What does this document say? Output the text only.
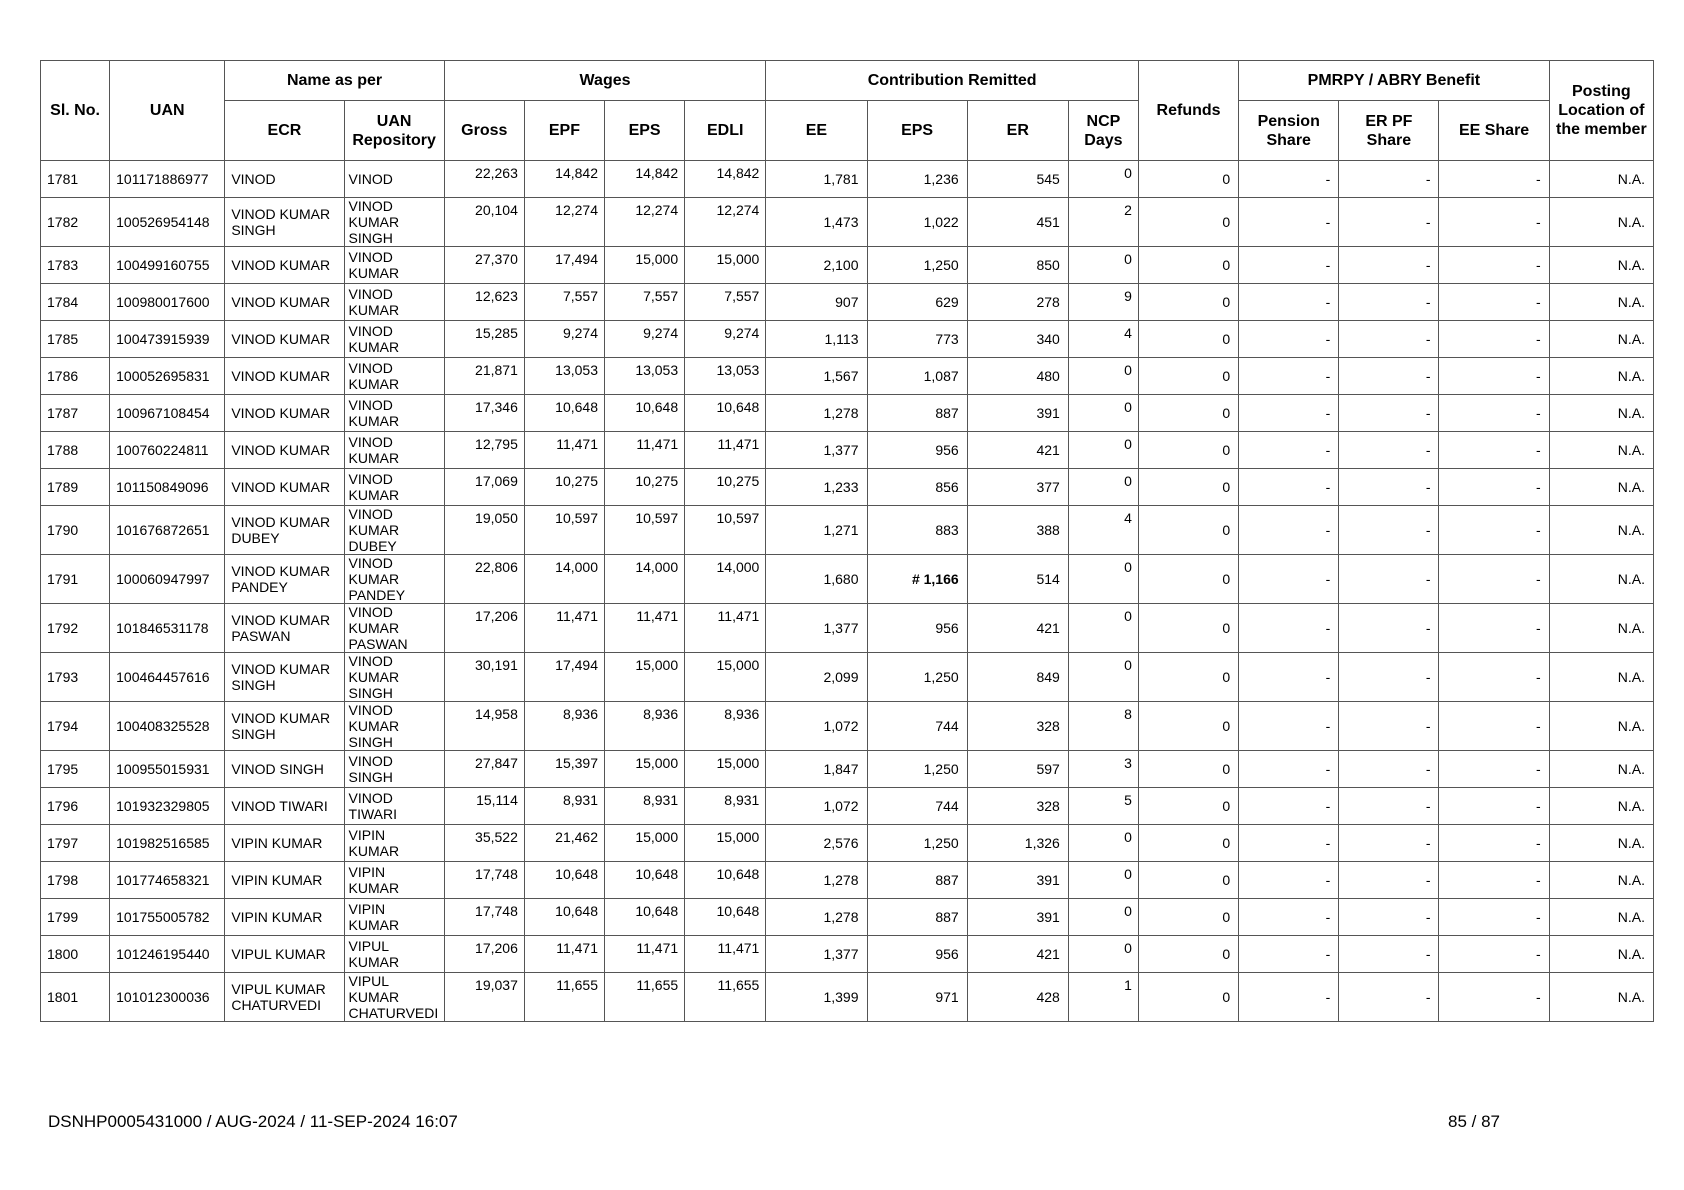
Sl. No.	UAN	Name as per		Wages				Contribution Remitted				Refunds	PMRPY / ABRY Benefit			Posting Location of the member
		ECR	UAN Repository	Gross	EPF	EPS	EDLI	EE	EPS	ER	NCP Days		Pension Share	ER PF Share	EE Share	
1781	101171886977	VINOD	VINOD	22,263	14,842	14,842	14,842	1,781	1,236	545	0	0	-	-	-	N.A.
1782	100526954148	VINOD KUMAR SINGH	VINOD KUMAR SINGH	20,104	12,274	12,274	12,274	1,473	1,022	451	2	0	-	-	-	N.A.
1783	100499160755	VINOD KUMAR	VINOD KUMAR	27,370	17,494	15,000	15,000	2,100	1,250	850	0	0	-	-	-	N.A.
1784	100980017600	VINOD KUMAR	VINOD KUMAR	12,623	7,557	7,557	7,557	907	629	278	9	0	-	-	-	N.A.
1785	100473915939	VINOD KUMAR	VINOD KUMAR	15,285	9,274	9,274	9,274	1,113	773	340	4	0	-	-	-	N.A.
1786	100052695831	VINOD KUMAR	VINOD KUMAR	21,871	13,053	13,053	13,053	1,567	1,087	480	0	0	-	-	-	N.A.
1787	100967108454	VINOD KUMAR	VINOD KUMAR	17,346	10,648	10,648	10,648	1,278	887	391	0	0	-	-	-	N.A.
1788	100760224811	VINOD KUMAR	VINOD KUMAR	12,795	11,471	11,471	11,471	1,377	956	421	0	0	-	-	-	N.A.
1789	101150849096	VINOD KUMAR	VINOD KUMAR	17,069	10,275	10,275	10,275	1,233	856	377	0	0	-	-	-	N.A.
1790	101676872651	VINOD KUMAR DUBEY	VINOD KUMAR DUBEY	19,050	10,597	10,597	10,597	1,271	883	388	4	0	-	-	-	N.A.
1791	100060947997	VINOD KUMAR PANDEY	VINOD KUMAR PANDEY	22,806	14,000	14,000	14,000	1,680	# 1,166	514	0	0	-	-	-	N.A.
1792	101846531178	VINOD KUMAR PASWAN	VINOD KUMAR PASWAN	17,206	11,471	11,471	11,471	1,377	956	421	0	0	-	-	-	N.A.
1793	100464457616	VINOD KUMAR SINGH	VINOD KUMAR SINGH	30,191	17,494	15,000	15,000	2,099	1,250	849	0	0	-	-	-	N.A.
1794	100408325528	VINOD KUMAR SINGH	VINOD KUMAR SINGH	14,958	8,936	8,936	8,936	1,072	744	328	8	0	-	-	-	N.A.
1795	100955015931	VINOD SINGH	VINOD SINGH	27,847	15,397	15,000	15,000	1,847	1,250	597	3	0	-	-	-	N.A.
1796	101932329805	VINOD TIWARI	VINOD TIWARI	15,114	8,931	8,931	8,931	1,072	744	328	5	0	-	-	-	N.A.
1797	101982516585	VIPIN KUMAR	VIPIN KUMAR	35,522	21,462	15,000	15,000	2,576	1,250	1,326	0	0	-	-	-	N.A.
1798	101774658321	VIPIN KUMAR	VIPIN KUMAR	17,748	10,648	10,648	10,648	1,278	887	391	0	0	-	-	-	N.A.
1799	101755005782	VIPIN KUMAR	VIPIN KUMAR	17,748	10,648	10,648	10,648	1,278	887	391	0	0	-	-	-	N.A.
1800	101246195440	VIPUL KUMAR	VIPUL KUMAR	17,206	11,471	11,471	11,471	1,377	956	421	0	0	-	-	-	N.A.
1801	101012300036	VIPUL KUMAR CHATURVEDI	VIPUL KUMAR CHATURVEDI	19,037	11,655	11,655	11,655	1,399	971	428	1	0	-	-	-	N.A.
DSNHP0005431000 / AUG-2024 / 11-SEP-2024 16:07	85 / 87
